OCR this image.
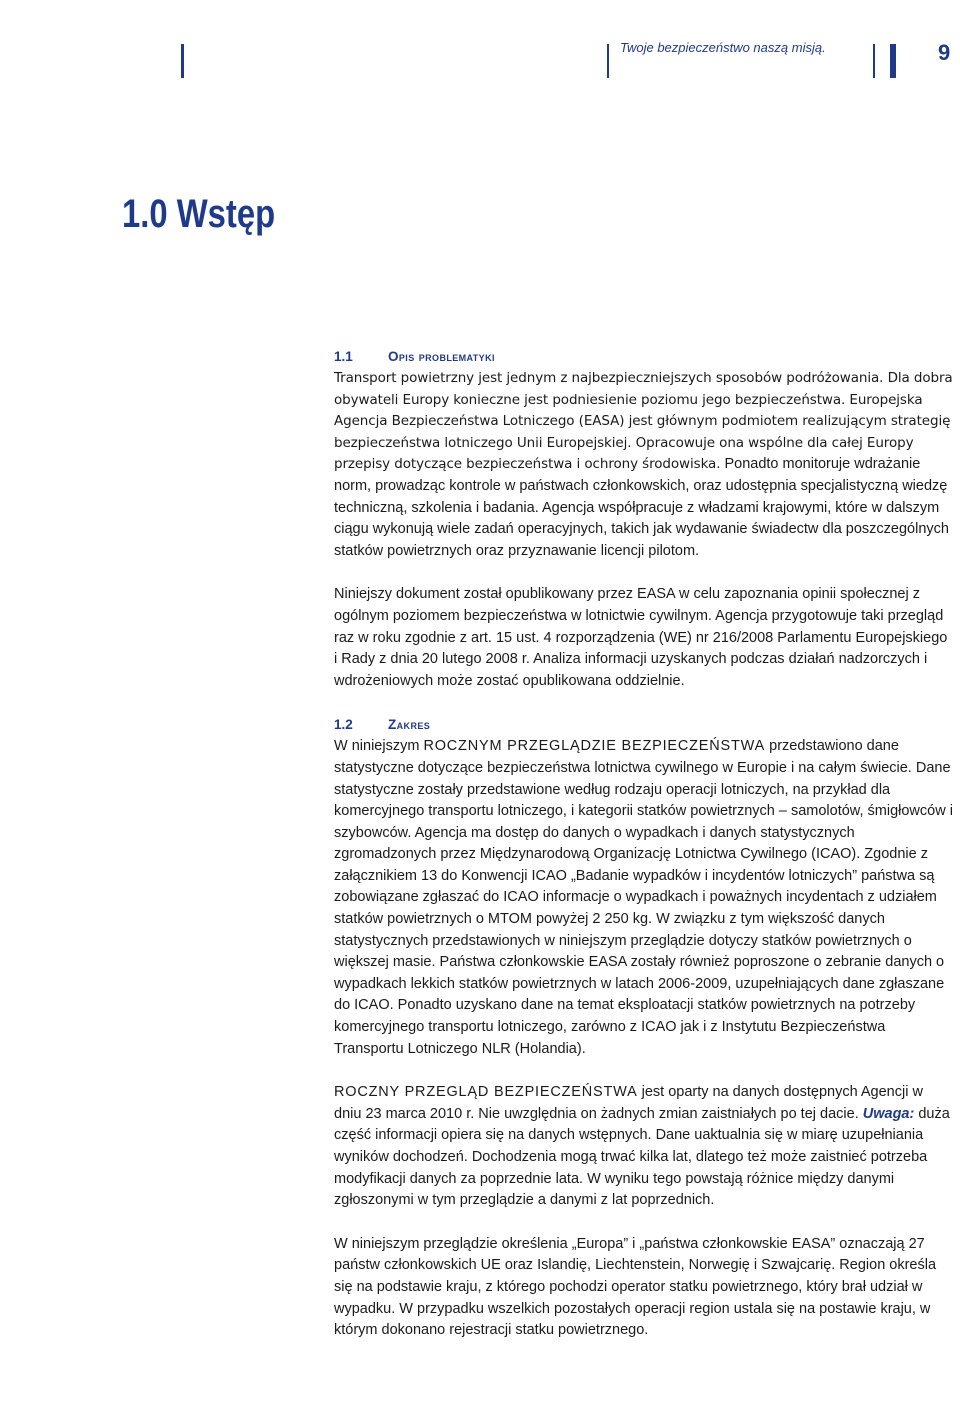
Twoje bezpieczeństwo naszą misją.	9
1.0 Wstęp
1.1	Opis problematyki

Transport powietrzny jest jednym z najbezpieczniejszych sposobów podróżowania. Dla dobra obywateli Europy konieczne jest podniesienie poziomu jego bezpieczeństwa. Europejska Agencja Bezpieczeństwa Lotniczego (EASA) jest głównym podmiotem realizującym strategię bezpieczeństwa lotniczego Unii Europejskiej. Opracowuje ona wspólne dla całej Europy przepisy dotyczące bezpieczeństwa i ochrony środowiska. Ponadto monitoruje wdrażanie norm, prowadząc kontrole w państwach członkowskich, oraz udostępnia specjalistyczną wiedzę techniczną, szkolenia i badania. Agencja współpracuje z władzami krajowymi, które w dalszym ciągu wykonują wiele zadań operacyjnych, takich jak wydawanie świadectw dla poszczególnych statków powietrznych oraz przyznawanie licencji pilotom.

Niniejszy dokument został opublikowany przez EASA w celu zapoznania opinii społecznej z ogólnym poziomem bezpieczeństwa w lotnictwie cywilnym. Agencja przygotowuje taki przegląd raz w roku zgodnie z art. 15 ust. 4 rozporządzenia (WE) nr 216/2008 Parlamentu Europejskiego i Rady z dnia 20 lutego 2008 r. Analiza informacji uzyskanych podczas działań nadzorczych i wdrożeniowych może zostać opublikowana oddzielnie.

1.2	Zakres

W niniejszym ROCZNYM PRZEGLĄDZIE BEZPIECZEŃSTWA przedstawiono dane statystyczne dotyczące bezpieczeństwa lotnictwa cywilnego w Europie i na całym świecie. Dane statystyczne zostały przedstawione według rodzaju operacji lotniczych, na przykład dla komercyjnego transportu lotniczego, i kategorii statków powietrznych – samolotów, śmigłowców i szybowców. Agencja ma dostęp do danych o wypadkach i danych statystycznych zgromadzonych przez Międzynarodową Organizację Lotnictwa Cywilnego (ICAO). Zgodnie z załącznikiem 13 do Konwencji ICAO „Badanie wypadków i incydentów lotniczych” państwa są zobowiązane zgłaszać do ICAO informacje o wypadkach i poważnych incydentach z udziałem statków powietrznych o MTOM powyżej 2 250 kg. W związku z tym większość danych statystycznych przedstawionych w niniejszym przeglądzie dotyczy statków powietrznych o większej masie. Państwa członkowskie EASA zostały również poproszone o zebranie danych o wypadkach lekkich statków powietrznych w latach 2006-2009, uzupełniających dane zgłaszane do ICAO. Ponadto uzyskano dane na temat eksploatacji statków powietrznych na potrzeby komercyjnego transportu lotniczego, zarówno z ICAO jak i z Instytutu Bezpieczeństwa Transportu Lotniczego NLR (Holandia).

ROCZNY PRZEGLĄD BEZPIECZEŃSTWA jest oparty na danych dostępnych Agencji w dniu 23 marca 2010 r. Nie uwzględnia on żadnych zmian zaistniałych po tej dacie. Uwaga: duża część informacji opiera się na danych wstępnych. Dane uaktualnia się w miarę uzupełniania wyników dochodzeń. Dochodzenia mogą trwać kilka lat, dlatego też może zaistnieć potrzeba modyfikacji danych za poprzednie lata. W wyniku tego powstają różnice między danymi zgłoszonymi w tym przeglądzie a danymi z lat poprzednich.

W niniejszym przeglądzie określenia „Europa” i „państwa członkowskie EASA” oznaczają 27 państw członkowskich UE oraz Islandię, Liechtenstein, Norwegię i Szwajcarię. Region określa się na podstawie kraju, z którego pochodzi operator statku powietrznego, który brał udział w wypadku. W przypadku wszelkich pozostałych operacji region ustala się na postawie kraju, w którym dokonano rejestracji statku powietrznego.
